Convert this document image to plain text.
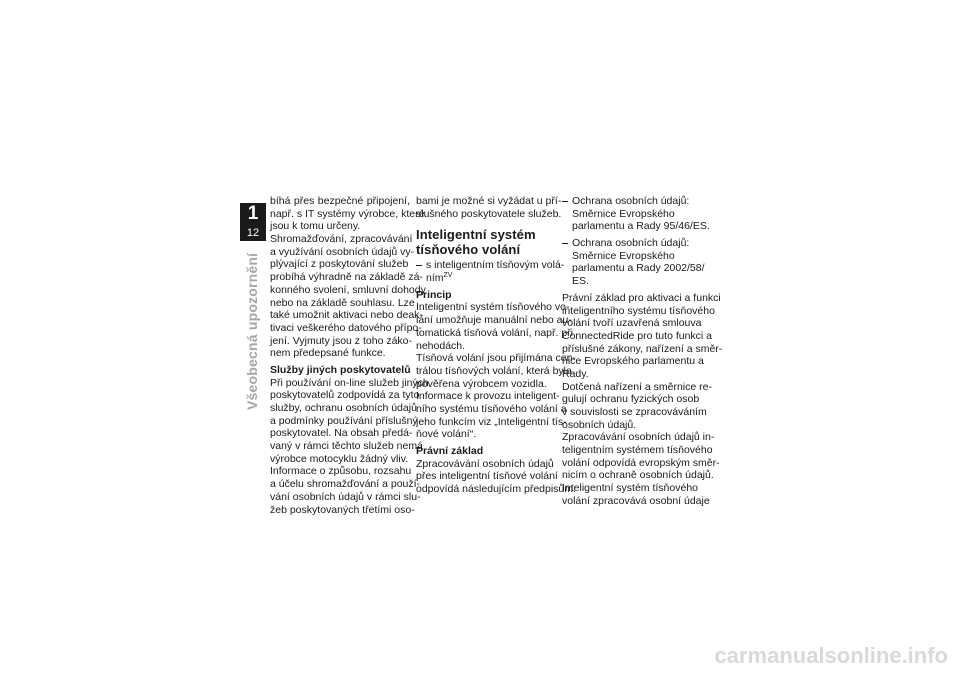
1
12
Všeobecná upozornění
bíhá přes bezpečné připojení,
např. s IT systémy výrobce, které
jsou k tomu určeny.
Shromažďování, zpracovávání
a využívání osobních údajů vy-
plývající z poskytování služeb
probíhá výhradně na základě zá-
konného svolení, smluvní dohody
nebo na základě souhlasu. Lze
také umožnit aktivaci nebo deak-
tivaci veškerého datového přípo-
jení. Vyjmuty jsou z toho záko-
nem předepsané funkce.
Služby jiných poskytovatelů
Při používání on-line služeb jiných
poskytovatelů zodpovídá za tyto
služby, ochranu osobních údajů
a podmínky používání příslušný
poskytovatel. Na obsah předá-
vaný v rámci těchto služeb nemá
výrobce motocyklu žádný vliv.
Informace o způsobu, rozsahu
a účelu shromažďování a použí-
vání osobních údajů v rámci slu-
žeb poskytovaných třetími oso-
bami je možné si vyžádat u pří-
slušného poskytovatele služeb.
Inteligentní systém
tísňového volání
s inteligentním tísňovým volá-
ním$^{ZV}$
Princip
Inteligentní systém tísňového vo-
lání umožňuje manuální nebo au-
tomatická tísňová volání, např. při
nehodách.
Tísňová volání jsou přijímána cen-
trálou tísňových volání, která byla
pověřena výrobcem vozidla.
Informace k provozu inteligent-
ního systému tísňového volání a
jeho funkcím viz „Inteligentní tís-
ňové volání“.
Právní základ
Zpracovávání osobních údajů
přes inteligentní tísňové volání
odpovídá následujícím předpisům:
Ochrana osobních údajů:
Směrnice Evropského
parlamentu a Rady 95/46/ES.
Ochrana osobních údajů:
Směrnice Evropského
parlamentu a Rady 2002/58/
ES.
Právní základ pro aktivaci a funkci
inteligentního systému tísňového
volání tvoří uzavřená smlouva
ConnectedRide pro tuto funkci a
příslušné zákony, nařízení a směr-
nice Evropského parlamentu a
Rady.
Dotčená nařízení a směrnice re-
gulují ochranu fyzických osob
v souvislosti se zpracováváním
osobních údajů.
Zpracovávání osobních údajů in-
teligentním systémem tísňového
volání odpovídá evropským směr-
nicím o ochraně osobních údajů.
Inteligentní systém tísňového
volání zpracovává osobní údaje
carmanualsonline.info
